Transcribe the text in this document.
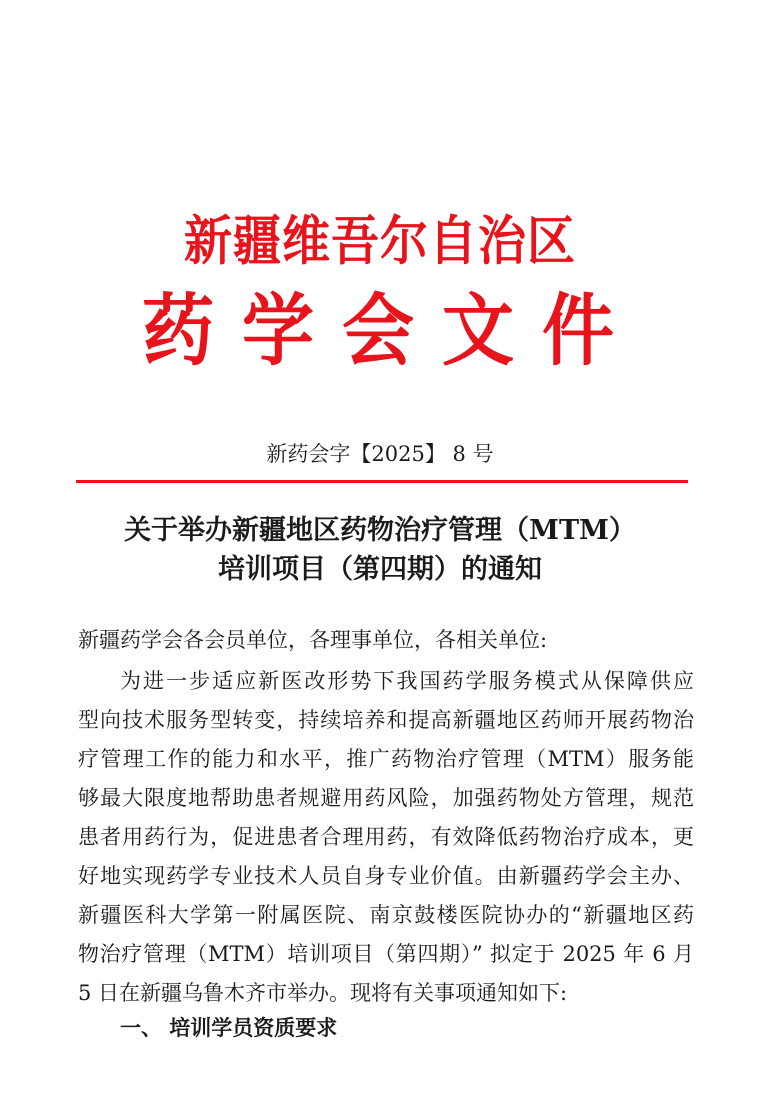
新疆维吾尔自治区
药学会文件
新药会字【2025】 8 号
关于举办新疆地区药物治疗管理（MTM）
培训项目（第四期）的通知
新疆药学会各会员单位，各理事单位，各相关单位:
为进一步适应新医改形势下我国药学服务模式从保障供应
型向技术服务型转变，持续培养和提高新疆地区药师开展药物治
疗管理工作的能力和水平，推广药物治疗管理（MTM）服务能
够最大限度地帮助患者规避用药风险，加强药物处方管理，规范
患者用药行为，促进患者合理用药，有效降低药物治疗成本，更
好地实现药学专业技术人员自身专业价值。由新疆药学会主办、
新疆医科大学第一附属医院、南京鼓楼医院协办的“新疆地区药
物治疗管理（MTM）培训项目（第四期）” 拟定于 2025 年 6 月
5 日在新疆乌鲁木齐市举办。现将有关事项通知如下:
一、 培训学员资质要求
